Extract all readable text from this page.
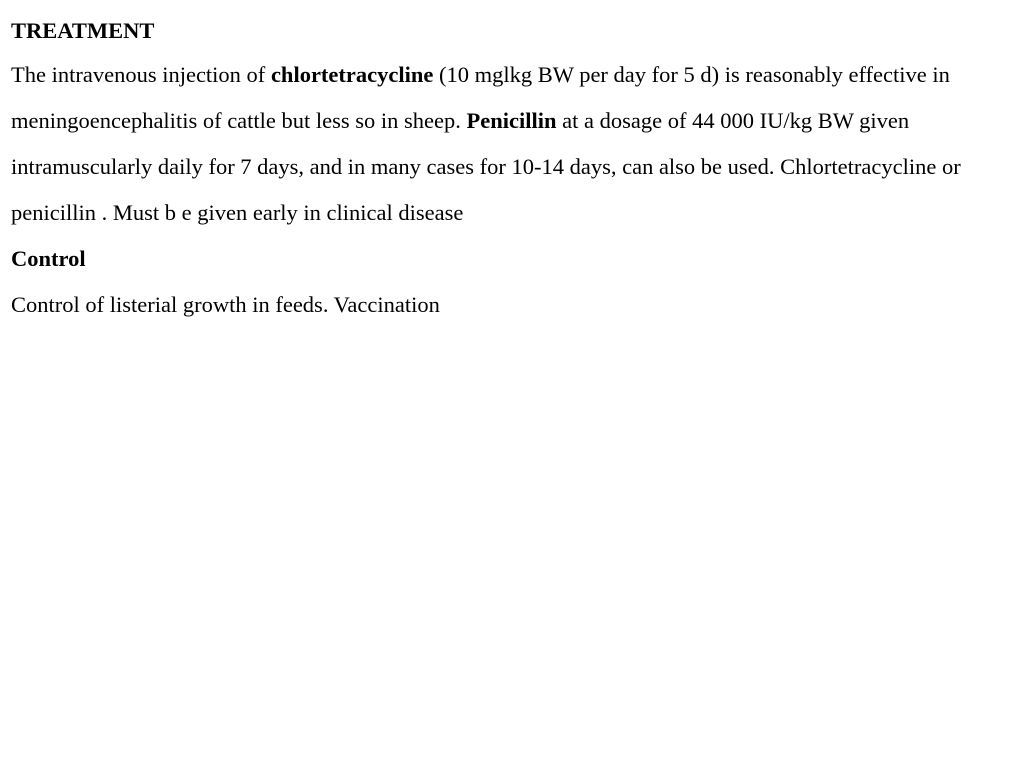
TREATMENT

The intravenous injection of chlortetracycline (10 mglkg BW per day for 5 d) is reasonably effective in meningoencephalitis of cattle but less so in sheep. Penicillin at a dosage of 44 000 IU/kg BW given intramuscularly daily for 7 days, and in many cases for 10-14 days, can also be used. Chlortetracycline or penicillin . Must b e given early in clinical disease

Control

Control of listerial growth in feeds. Vaccination
